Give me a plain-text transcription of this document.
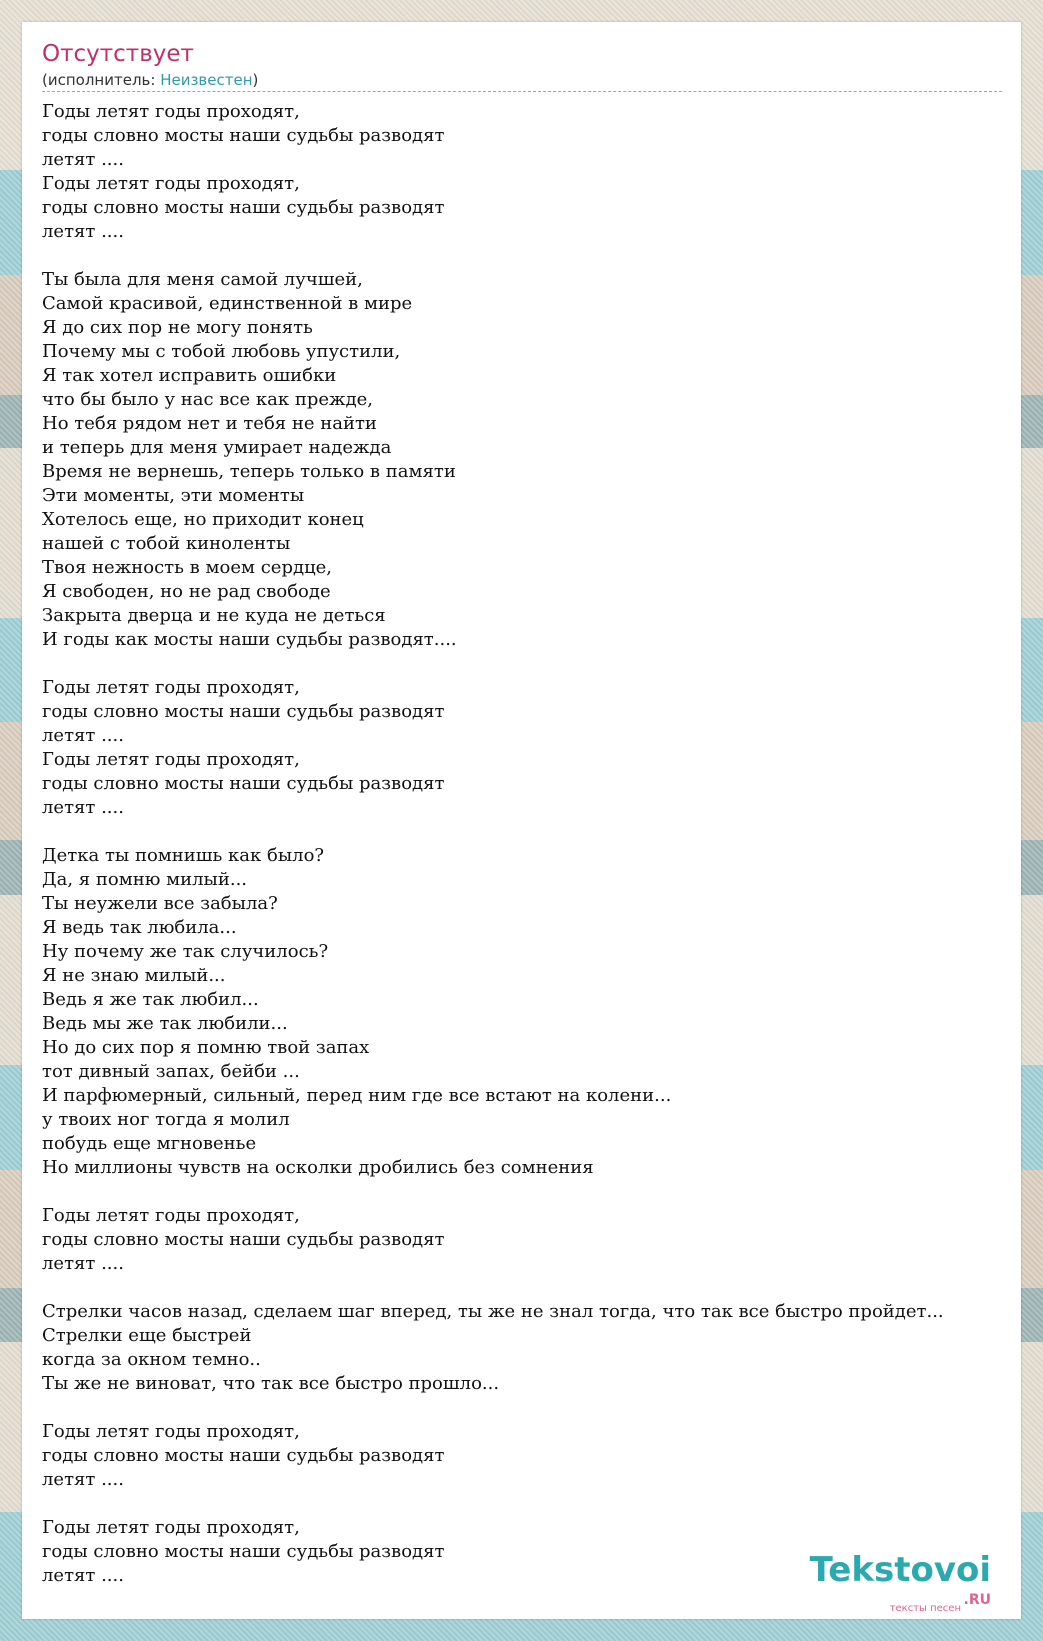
Отсутствует
(исполнитель: Неизвестен)
Годы летят годы проходят,
годы словно мосты наши судьбы разводят
летят ....
Годы летят годы проходят,
годы словно мосты наши судьбы разводят
летят ....
Ты была для меня самой лучшей,
Самой красивой, единственной в мире
Я до сих пор не могу понять
Почему мы с тобой любовь упустили,
Я так хотел исправить ошибки
что бы было у нас все как прежде,
Но тебя рядом нет и тебя не найти
и теперь для меня умирает надежда
Время не вернешь, теперь только в памяти
Эти моменты, эти моменты
Хотелось еще, но приходит конец
нашей с тобой киноленты
Твоя нежность в моем сердце,
Я свободен, но не рад свободе
Закрыта дверца и не куда не деться
И годы как мосты наши судьбы разводят....
Годы летят годы проходят,
годы словно мосты наши судьбы разводят
летят ....
Годы летят годы проходят,
годы словно мосты наши судьбы разводят
летят ....
Детка ты помнишь как было?
Да, я помню милый...
Ты неужели все забыла?
Я ведь так любила...
Ну почему же так случилось?
Я не знаю милый...
Ведь я же так любил...
Ведь мы же так любили...
Но до сих пор я помню твой запах
тот дивный запах, бейби ...
И парфюмерный, сильный, перед ним где все встают на колени...
у твоих ног тогда я молил
побудь еще мгновенье
Но миллионы чувств на осколки дробились без сомнения
Годы летят годы проходят,
годы словно мосты наши судьбы разводят
летят ....
Стрелки часов назад, сделаем шаг вперед, ты же не знал тогда, что так все быстро пройдет...
Стрелки еще быстрей
когда за окном темно..
Ты же не виноват, что так все быстро прошло...
Годы летят годы проходят,
годы словно мосты наши судьбы разводят
летят ....
Годы летят годы проходят,
годы словно мосты наши судьбы разводят
летят ....	Tekstovoi.RU
тексты песен
